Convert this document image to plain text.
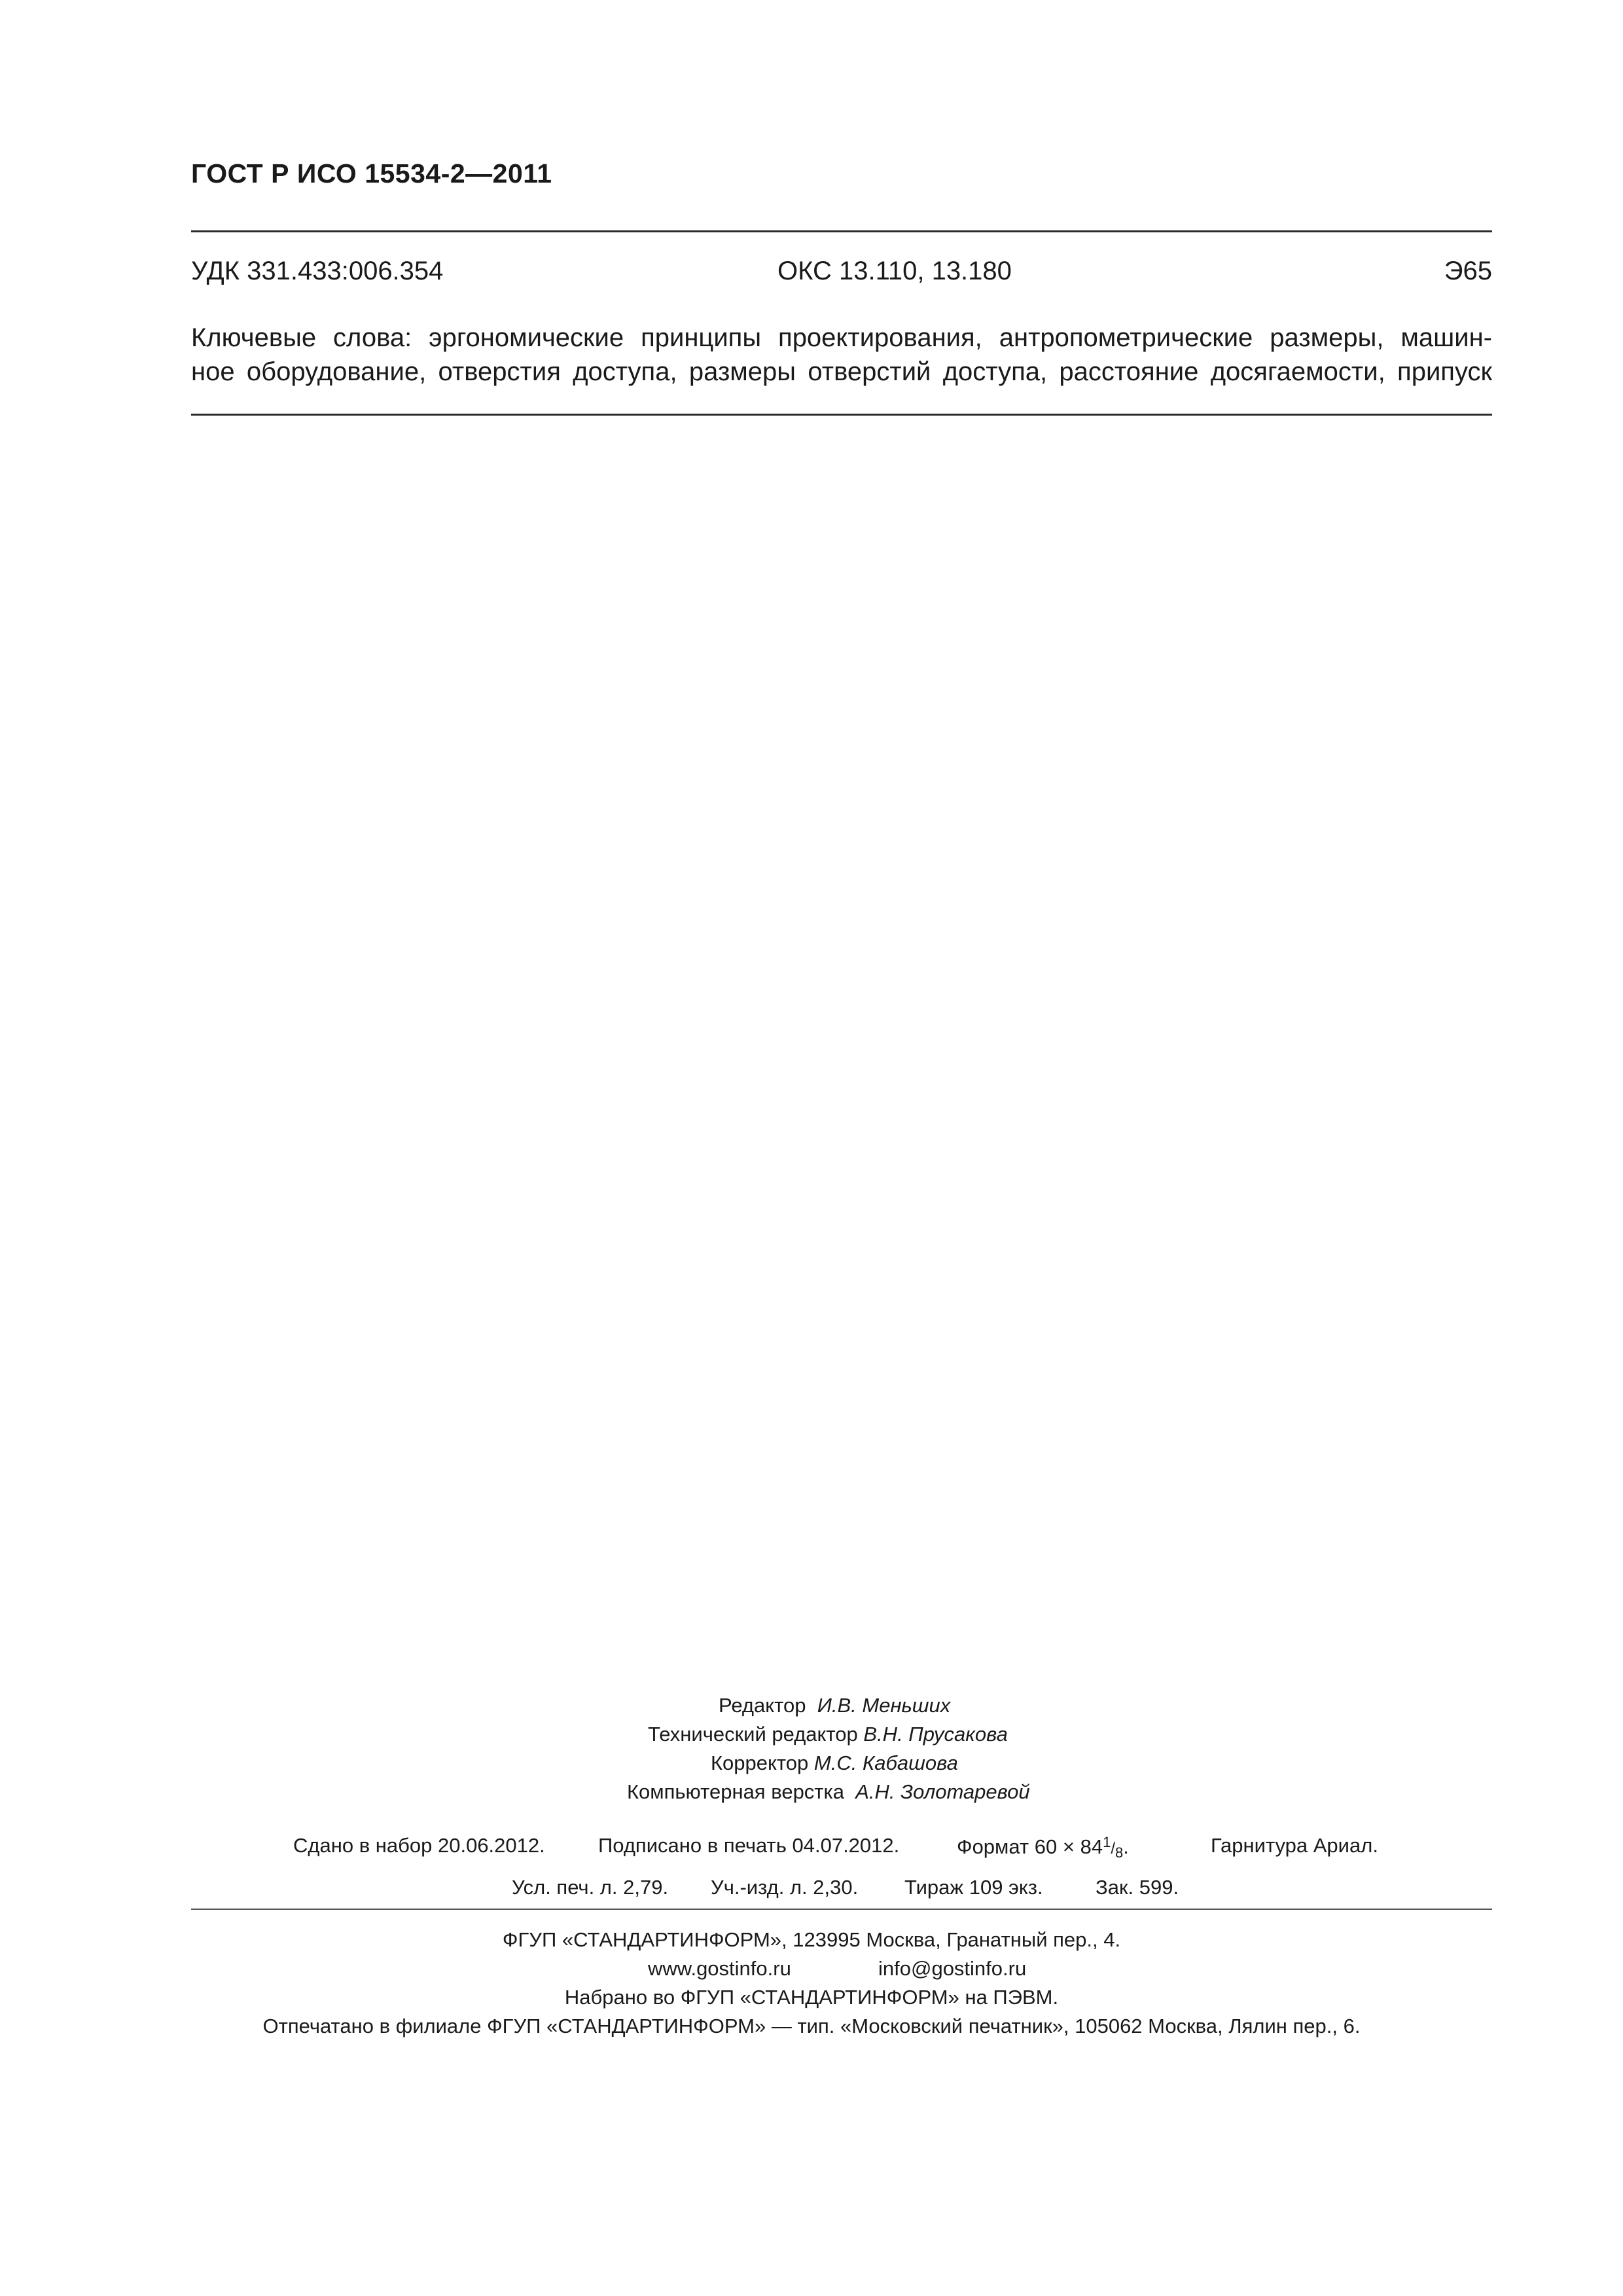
ГОСТ Р ИСО 15534-2—2011
УДК 331.433:006.354	ОКС 13.110, 13.180	Э65
Ключевые слова: эргономические принципы проектирования, антропометрические размеры, машин-
ное оборудование, отверстия доступа, размеры отверстий доступа, расстояние досягаемости, припуск
Редактор И.В. Меньших
Технический редактор В.Н. Прусакова
Корректор М.С. Кабашова
Компьютерная верстка А.Н. Золотаревой
Сдано в набор 20.06.2012.	Подписано в печать 04.07.2012.	Формат $60 \times 84^1/_8$.	Гарнитура Ариал.
Усл. печ. л. 2,79. Уч.-изд. л. 2,30. Тираж 109 экз.	Зак. 599.
ФГУП «СТАНДАРТИНФОРМ», 123995 Москва, Гранатный пер., 4.
www.gostinfo.ru	info@gostinfo.ru
Набрано во ФГУП «СТАНДАРТИНФОРМ» на ПЭВМ.
Отпечатано в филиале ФГУП «СТАНДАРТИНФОРМ» — тип. «Московский печатник», 105062 Москва, Лялин пер., 6.
